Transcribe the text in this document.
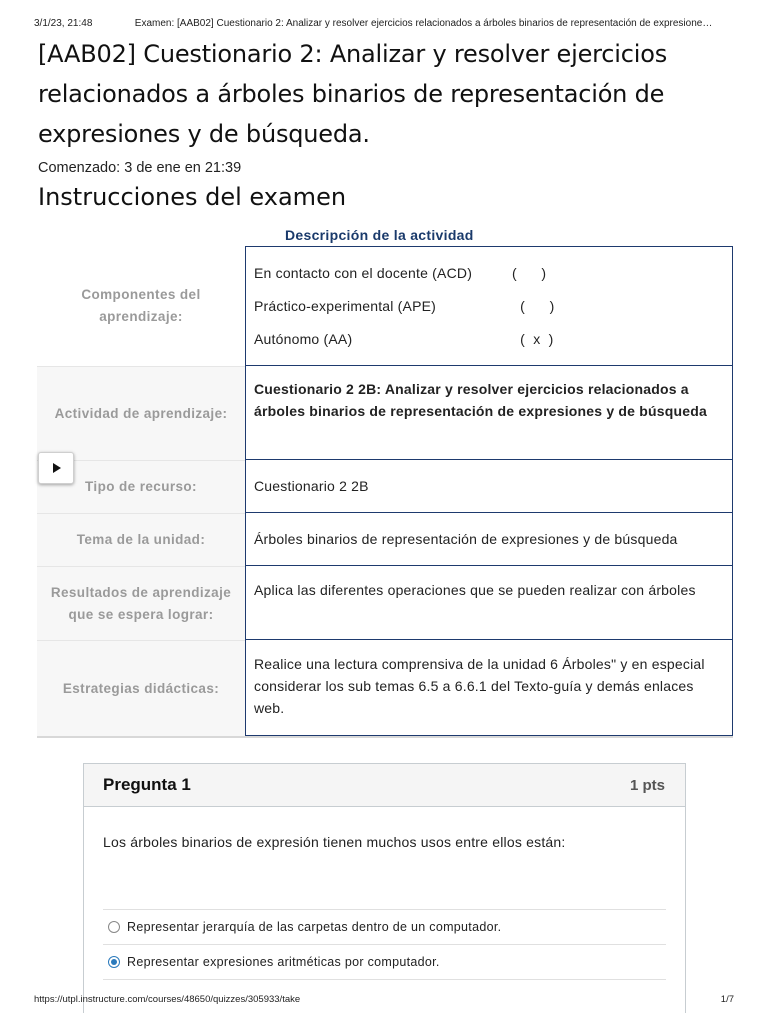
3/1/23, 21:48	Examen: [AAB02] Cuestionario 2: Analizar y resolver ejercicios relacionados a árboles binarios de representación de expresione…
[AAB02] Cuestionario 2: Analizar y resolver ejercicios relacionados a árboles binarios de representación de expresiones y de búsqueda.
Comenzado: 3 de ene en 21:39
Instrucciones del examen
Descripción de la actividad
Componentes del aprendizaje:
En contacto con el docente (ACD)	(      )
Práctico-experimental (APE)	(      )
Autónomo (AA)	(  x  )
Actividad de aprendizaje:
Cuestionario 2 2B: Analizar y resolver ejercicios relacionados a árboles binarios de representación de expresiones y de búsqueda
Tipo de recurso:	Cuestionario 2 2B
Tema de la unidad:	Árboles binarios de representación de expresiones y de búsqueda
Resultados de aprendizaje que se espera lograr:
Aplica las diferentes operaciones que se pueden realizar con árboles
Estrategias didácticas:
Realice una lectura comprensiva de la unidad 6 Árboles" y en especial considerar los sub temas 6.5 a 6.6.1 del Texto-guía y demás enlaces web.
Pregunta 1	1 pts
Los árboles binarios de expresión tienen muchos usos entre ellos están:
Representar jerarquía de las carpetas dentro de un computador.
Representar expresiones aritméticas por computador.
https://utpl.instructure.com/courses/48650/quizzes/305933/take	1/7
